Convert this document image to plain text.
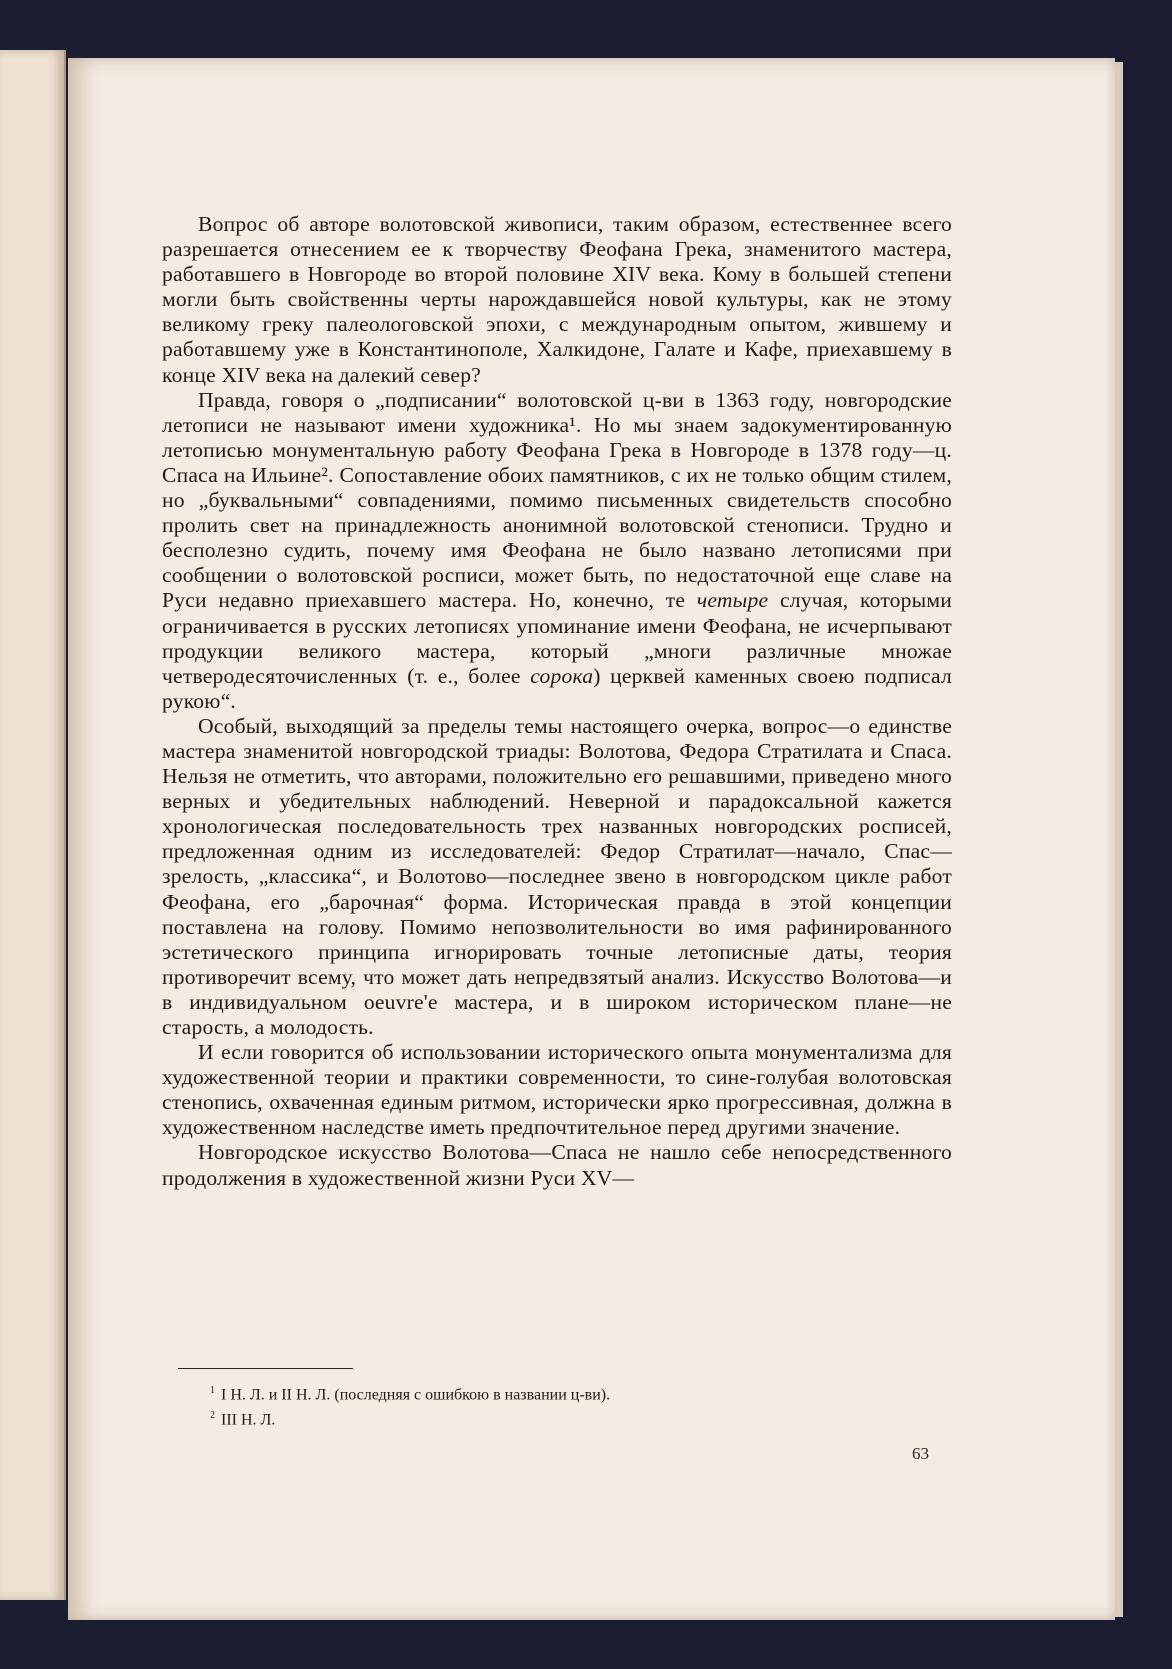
Вопрос об авторе волотовской живописи, таким образом, естественнее всего разрешается отнесением ее к творчеству Феофана Грека, знаменитого мастера, работавшего в Новгороде во второй половине XIV века. Кому в большей степени могли быть свойственны черты нарождавшейся новой культуры, как не этому великому греку палеологовской эпохи, с международным опытом, жившему и работавшему уже в Константинополе, Халкидоне, Галате и Кафе, приехавшему в конце XIV века на далекий север?

Правда, говоря о „подписании“ волотовской ц-ви в 1363 году, новгородские летописи не называют имени художника¹. Но мы знаем задокументированную летописью монументальную работу Феофана Грека в Новгороде в 1378 году—ц. Спаса на Ильине². Сопоставление обоих памятников, с их не только общим стилем, но „буквальными“ совпадениями, помимо письменных свидетельств способно пролить свет на принадлежность анонимной волотовской стенописи. Трудно и бесполезно судить, почему имя Феофана не было названо летописями при сообщении о волотовской росписи, может быть, по недостаточной еще славе на Руси недавно приехавшего мастера. Но, конечно, те четыре случая, которыми ограничивается в русских летописях упоминание имени Феофана, не исчерпывают продукции великого мастера, который „многи различные множае четверодесяточисленных (т. е., более сорока) церквей каменных своею подписал рукою“.

Особый, выходящий за пределы темы настоящего очерка, вопрос—о единстве мастера знаменитой новгородской триады: Волотова, Федора Стратилата и Спаса. Нельзя не отметить, что авторами, положительно его решавшими, приведено много верных и убедительных наблюдений. Неверной и парадоксальной кажется хронологическая последовательность трех названных новгородских росписей, предложенная одним из исследователей: Федор Стратилат—начало, Спас—зрелость, „классика“, и Волотово—последнее звено в новгородском цикле работ Феофана, его „барочная“ форма. Историческая правда в этой концепции поставлена на голову. Помимо непозволительности во имя рафинированного эстетического принципа игнорировать точные летописные даты, теория противоречит всему, что может дать непредвзятый анализ. Искусство Волотова—и в индивидуальном oeuvre'e мастера, и в широком историческом плане—не старость, а молодость.

И если говорится об использовании исторического опыта монументализма для художественной теории и практики современности, то сине-голубая волотовская стенопись, охваченная единым ритмом, исторически ярко прогрессивная, должна в художественном наследстве иметь предпочтительное перед другими значение.

Новгородское искусство Волотова—Спаса не нашло себе непосредственного продолжения в художественной жизни Руси XV—

$^1$ I Н. Л. и II Н. Л. (последняя с ошибкою в названии ц-ви).
$^2$ III Н. Л.
63
